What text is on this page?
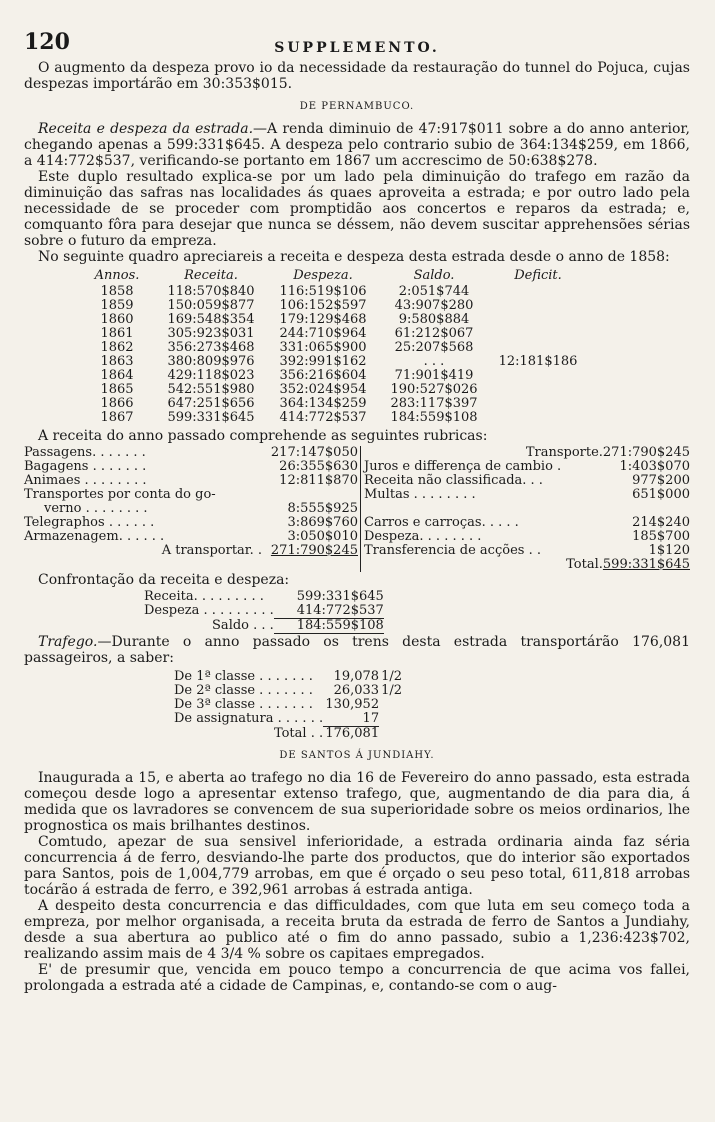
120	SUPPLEMENTO.

O augmento da despeza provo io da necessidade da restauração do tunnel do Pojuca, cujas despezas importárão em 30:353$015.

DE PERNAMBUCO.

Receita e despeza da estrada.—A renda diminuio de 47:917$011 sobre a do anno anterior, chegando apenas a 599:331$645. A despeza pelo contrario subio de 364:134$259, em 1866, a 414:772$537, verificando-se portanto em 1867 um accrescimo de 50:638$278.

Este duplo resultado explica-se por um lado pela diminuição do trafego em razão da diminuição das safras nas localidades ás quaes aproveita a estrada; e por outro lado pela necessidade de se proceder com promptidão aos concertos e reparos da estrada; e, comquanto fôra para desejar que nunca se déssem, não devem suscitar apprehensões sérias sobre o futuro da empreza.

No seguinte quadro apreciareis a receita e despeza desta estrada desde o anno de 1858:

Annos.	Receita.	Despeza.	Saldo.	Deficit.
1858	118:570$840	116:519$106	2:051$744	
1859	150:059$877	106:152$597	43:907$280	
1860	169:548$354	179:129$468	9:580$884	
1861	305:923$031	244:710$964	61:212$067	
1862	356:273$468	331:065$900	25:207$568	
1863	380:809$976	392:991$162	. . .	12:181$186
1864	429:118$023	356:216$604	71:901$419	
1865	542:551$980	352:024$954	190:527$026	
1866	647:251$656	364:134$259	283:117$397	
1867	599:331$645	414:772$537	184:559$108	

A receita do anno passado comprehende as seguintes rubricas:

Passagens. . . . . . .	217:147$050	Transporte.	271:790$245
Bagagens . . . . . . .	26:355$630	Juros e differença de cambio .	1:403$070
Animaes . . . . . . . .	12:811$870	Receita não classificada. . .	977$200
Transportes por conta do go-		Multas . . . . . . . .	651$000
verno . . . . . . . .	8:555$925		
Telegraphos . . . . . .	3:869$760	Carros e carroças. . . . .	214$240
Armazenagem. . . . . .	3:050$010	Despeza. . . . . . . .	185$700
A transportar. .	271:790$245	Transferencia de acções . .	1$120
		Total.	599:331$645

Confrontação da receita e despeza:

Receita. . . . . . . . .	599:331$645
Despeza . . . . . . . . .	414:772$537
Saldo . . .	184:559$108

Trafego.—Durante o anno passado os trens desta estrada transportárão 176,081 passageiros, a saber:

De 1ª classe . . . . . . .	19,078	1/2
De 2ª classe . . . . . . .	26,033	1/2
De 3ª classe . . . . . . .	130,952	
De assignatura . . . . . .	17	
Total . .	176,081	
DE SANTOS Á JUNDIAHY.

Inaugurada a 15, e aberta ao trafego no dia 16 de Fevereiro do anno passado, esta estrada começou desde logo a apresentar extenso trafego, que, augmentando de dia para dia, á medida que os lavradores se convencem de sua superioridade sobre os meios ordinarios, lhe prognostica os mais brilhantes destinos.

Comtudo, apezar de sua sensivel inferioridade, a estrada ordinaria ainda faz séria concurrencia á de ferro, desviando-lhe parte dos productos, que do interior são exportados para Santos, pois de 1,004,779 arrobas, em que é orçado o seu peso total, 611,818 arrobas tocárão á estrada de ferro, e 392,961 arrobas á estrada antiga.

A despeito desta concurrencia e das difficuldades, com que luta em seu começo toda a empreza, por melhor organisada, a receita bruta da estrada de ferro de Santos a Jundiahy, desde a sua abertura ao publico até o fim do anno passado, subio a 1,236:423$702, realizando assim mais de 4 3/4 % sobre os capitaes empregados.

E' de presumir que, vencida em pouco tempo a concurrencia de que acima vos fallei, prolongada a estrada até a cidade de Campinas, e, contando-se com o aug-
